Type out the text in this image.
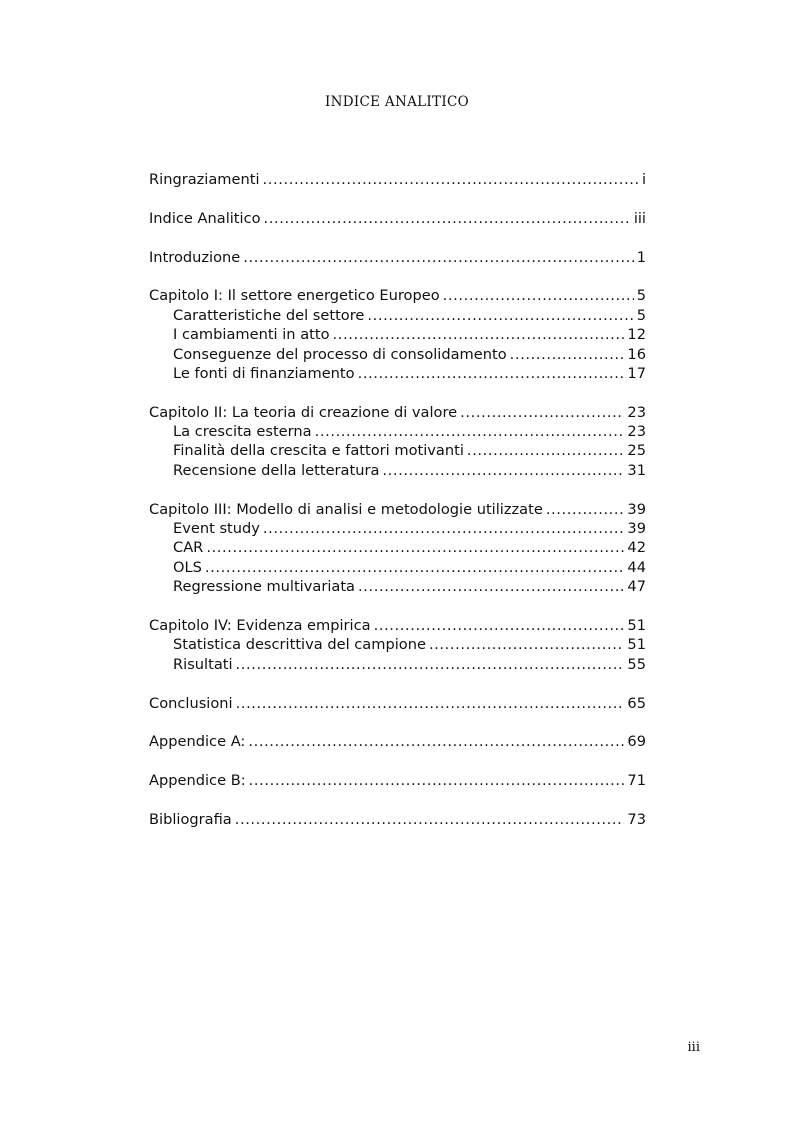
INDICE ANALITICO
Ringraziamenti .....	i
Indice Analitico .....	iii
Introduzione .....	1
Capitolo I: Il settore energetico Europeo .....	5
Caratteristiche del settore .....	5
I cambiamenti in atto .....	12
Conseguenze del processo di consolidamento .....	16
Le fonti di finanziamento .....	17
Capitolo II: La teoria di creazione di valore .....	23
La crescita esterna .....	23
Finalità della crescita e fattori motivanti .....	25
Recensione della letteratura .....	31
Capitolo III: Modello di analisi e metodologie utilizzate .....	39
Event study .....	39
CAR .....	42
OLS .....	44
Regressione multivariata .....	47
Capitolo IV: Evidenza empirica .....	51
Statistica descrittiva del campione .....	51
Risultati .....	55
Conclusioni .....	65
Appendice A: .....	69
Appendice B: .....	71
Bibliografia .....	73
iii
